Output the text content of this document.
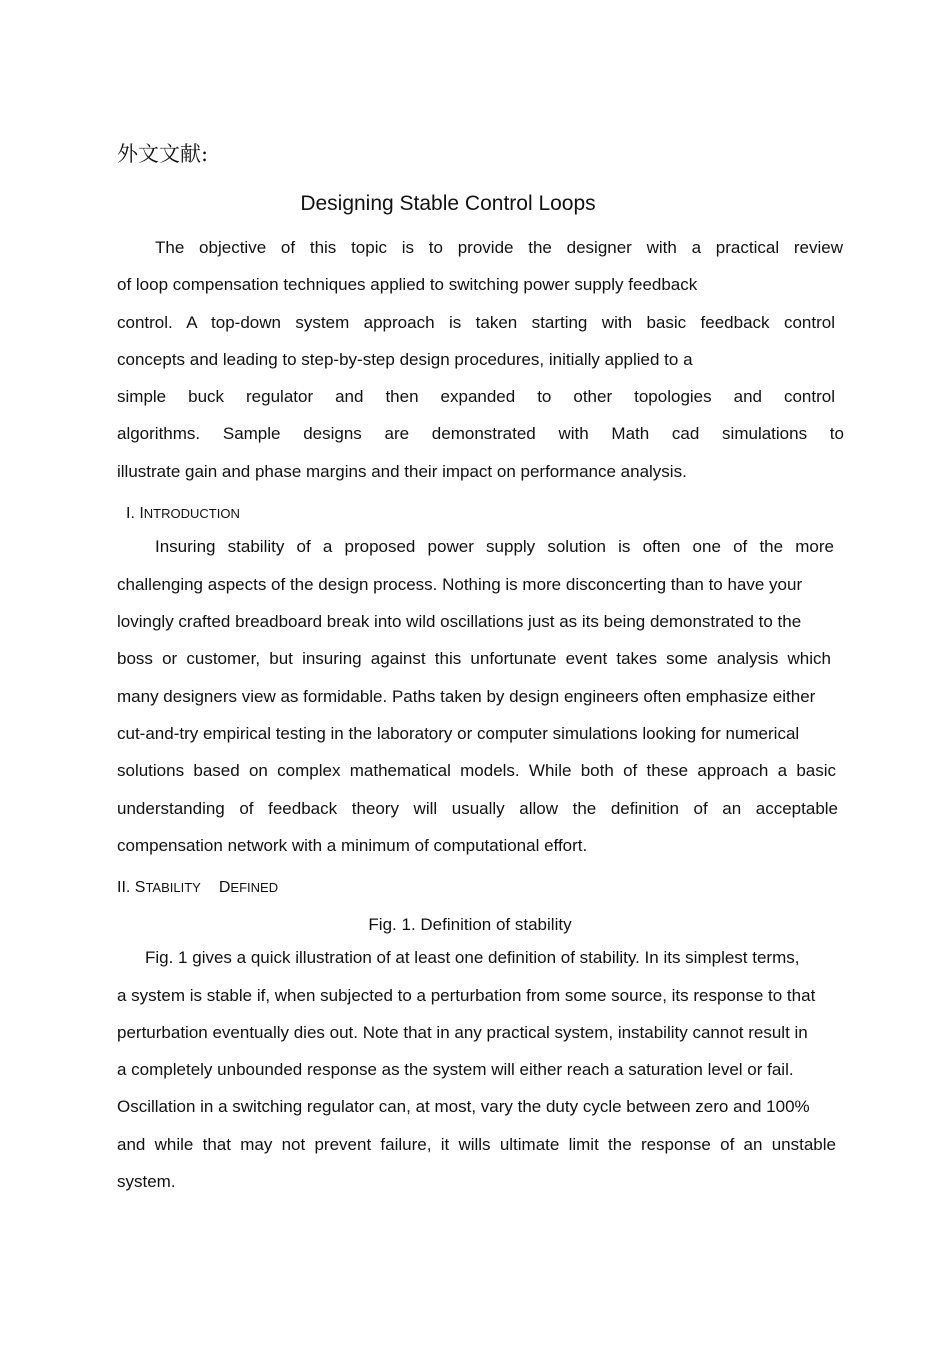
外文文献:
Designing Stable Control Loops
The objective of this topic is to provide the designer with a practical review
of loop compensation techniques applied to switching power supply feedback
control. A top-down system approach is taken starting with basic feedback control
concepts and leading to step-by-step design procedures, initially applied to a
simple buck regulator and then expanded to other topologies and control
algorithms. Sample designs are demonstrated with Math cad simulations to
illustrate gain and phase margins and their impact on performance analysis.
I. INTRODUCTION
Insuring stability of a proposed power supply solution is often one of the more
challenging aspects of the design process. Nothing is more disconcerting than to have your
lovingly crafted breadboard break into wild oscillations just as its being demonstrated to the
boss or customer, but insuring against this unfortunate event takes some analysis which
many designers view as formidable. Paths taken by design engineers often emphasize either
cut-and-try empirical testing in the laboratory or computer simulations looking for numerical
solutions based on complex mathematical models. While both of these approach a basic
understanding of feedback theory will usually allow the definition of an acceptable
compensation network with a minimum of computational effort.
II. STABILITY DEFINED
Fig. 1. Definition of stability
Fig. 1 gives a quick illustration of at least one definition of stability. In its simplest terms,
a system is stable if, when subjected to a perturbation from some source, its response to that
perturbation eventually dies out. Note that in any practical system, instability cannot result in
a completely unbounded response as the system will either reach a saturation level or fail.
Oscillation in a switching regulator can, at most, vary the duty cycle between zero and 100%
and while that may not prevent failure, it wills ultimate limit the response of an unstable
system.
